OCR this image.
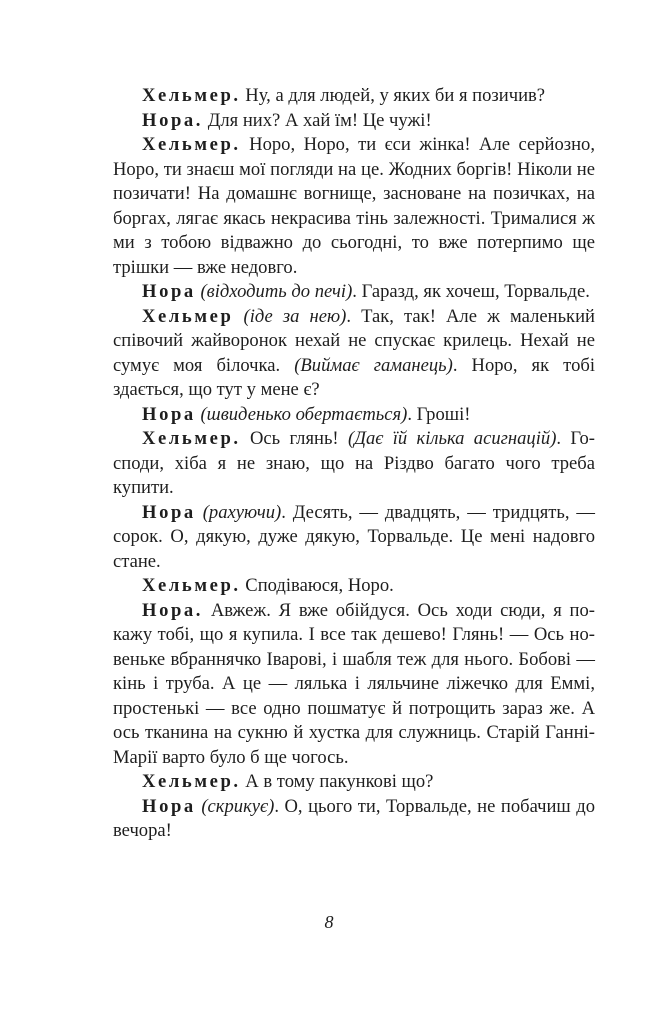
Хельмер. Ну, а для людей, у яких би я позичив?

Нора. Для них? А хай їм! Це чужі!

Хельмер. Норо, Норо, ти єси жінка! Але серйозно, Норо, ти знаєш мої погляди на це. Жодних боргів! Ніколи не позичати! На домашнє вогнище, засноване на позичках, на боргах, лягає якась некрасива тінь залежності. Трималися ж ми з тобою відважно до сьогодні, то вже потерпимо ще трішки — вже недовго.

Нора (відходить до печі). Гаразд, як хочеш, Торвальде.

Хельмер (іде за нею). Так, так! Але ж маленький співочий жайворонок нехай не спускає крилець. Нехай не сумує моя білочка. (Виймає гаманець). Норо, як тобі здається, що тут у мене є?

Нора (швиденько обертається). Гроші!

Хельмер. Ось глянь! (Дає їй кілька асигнацій). Господи, хіба я не знаю, що на Різдво багато чого треба купити.

Нора (рахуючи). Десять, — двадцять, — тридцять, — сорок. О, дякую, дуже дякую, Торвальде. Це мені надовго стане.

Хельмер. Сподіваюся, Норо.

Нора. Авжеж. Я вже обійдуся. Ось ходи сюди, я покажу тобі, що я купила. І все так дешево! Глянь! — Ось новеньке вбраннячко Іварові, і шабля теж для нього. Бобові — кінь і труба. А це — лялька і ляльчине ліжечко для Еммі, простенькі — все одно пошматує й потрощить зараз же. А ось тканина на сукню й хустка для служниць. Старій Ганні-Марії варто було б ще чогось.

Хельмер. А в тому пакункові що?

Нора (скрикує). О, цього ти, Торвальде, не побачиш до вечора!

8
